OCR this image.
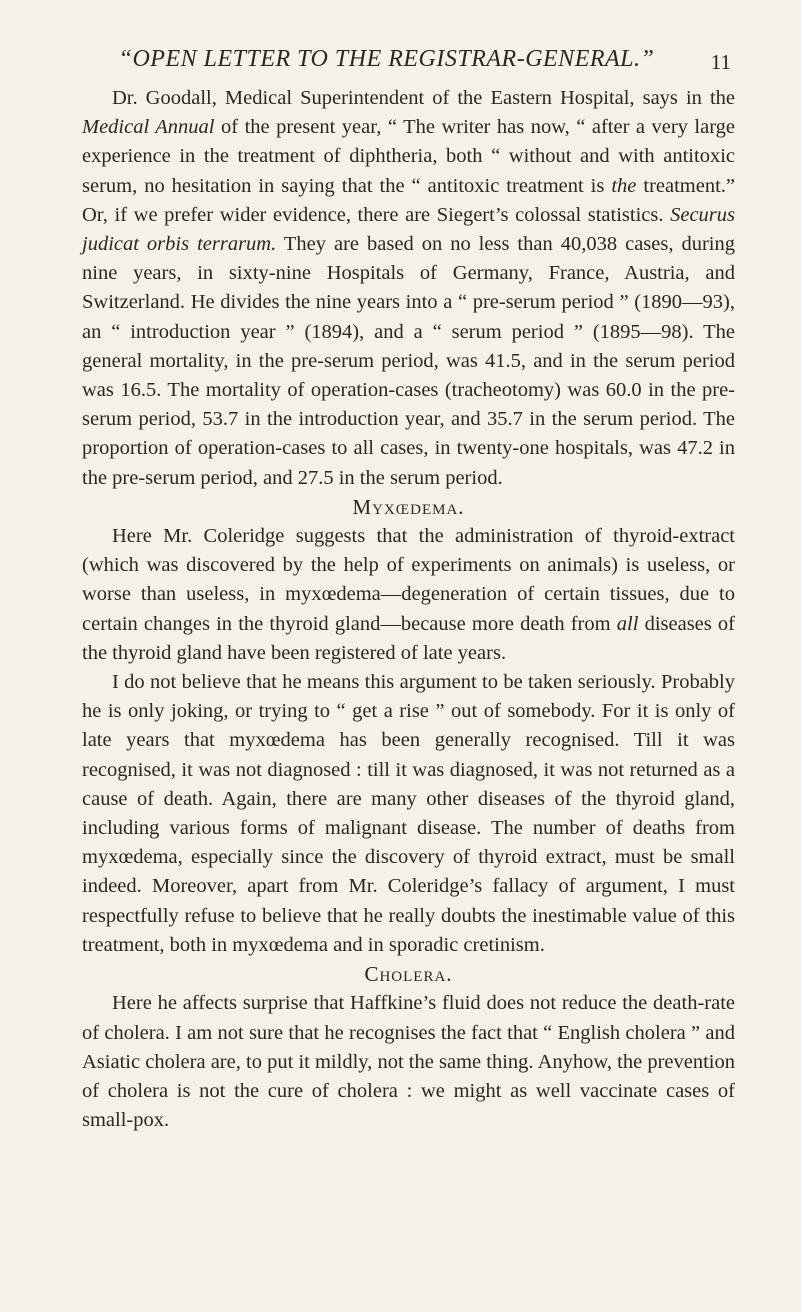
“OPEN LETTER TO THE REGISTRAR-GENERAL.”	11

Dr. Goodall, Medical Superintendent of the Eastern Hospital, says in the Medical Annual of the present year, “ The writer has now, “ after a very large experience in the treatment of diphtheria, both “ without and with antitoxic serum, no hesitation in saying that the “ antitoxic treatment is the treatment.” Or, if we prefer wider evidence, there are Siegert’s colossal statistics. Securus judicat orbis terrarum. They are based on no less than 40,038 cases, during nine years, in sixty-nine Hospitals of Germany, France, Austria, and Switzerland. He divides the nine years into a “ pre-serum period ” (1890—93), an “ introduction year ” (1894), and a “ serum period ” (1895—98). The general mortality, in the pre-serum period, was 41.5, and in the serum period was 16.5. The mortality of operation-cases (tracheotomy) was 60.0 in the pre-serum period, 53.7 in the introduction year, and 35.7 in the serum period. The proportion of operation-cases to all cases, in twenty-one hospitals, was 47.2 in the pre-serum period, and 27.5 in the serum period.

Myxœdema.

Here Mr. Coleridge suggests that the administration of thyroid-extract (which was discovered by the help of experiments on animals) is useless, or worse than useless, in myxœdema—degeneration of certain tissues, due to certain changes in the thyroid gland—because more death from all diseases of the thyroid gland have been registered of late years.

I do not believe that he means this argument to be taken seriously. Probably he is only joking, or trying to “ get a rise ” out of somebody. For it is only of late years that myxœdema has been generally recognised. Till it was recognised, it was not diagnosed : till it was diagnosed, it was not returned as a cause of death. Again, there are many other diseases of the thyroid gland, including various forms of malignant disease. The number of deaths from myxœdema, especially since the discovery of thyroid extract, must be small indeed. Moreover, apart from Mr. Coleridge’s fallacy of argument, I must respectfully refuse to believe that he really doubts the inestimable value of this treatment, both in myxœdema and in sporadic cretinism.

Cholera.

Here he affects surprise that Haffkine’s fluid does not reduce the death-rate of cholera. I am not sure that he recognises the fact that “ English cholera ” and Asiatic cholera are, to put it mildly, not the same thing. Anyhow, the prevention of cholera is not the cure of cholera : we might as well vaccinate cases of small-pox.
